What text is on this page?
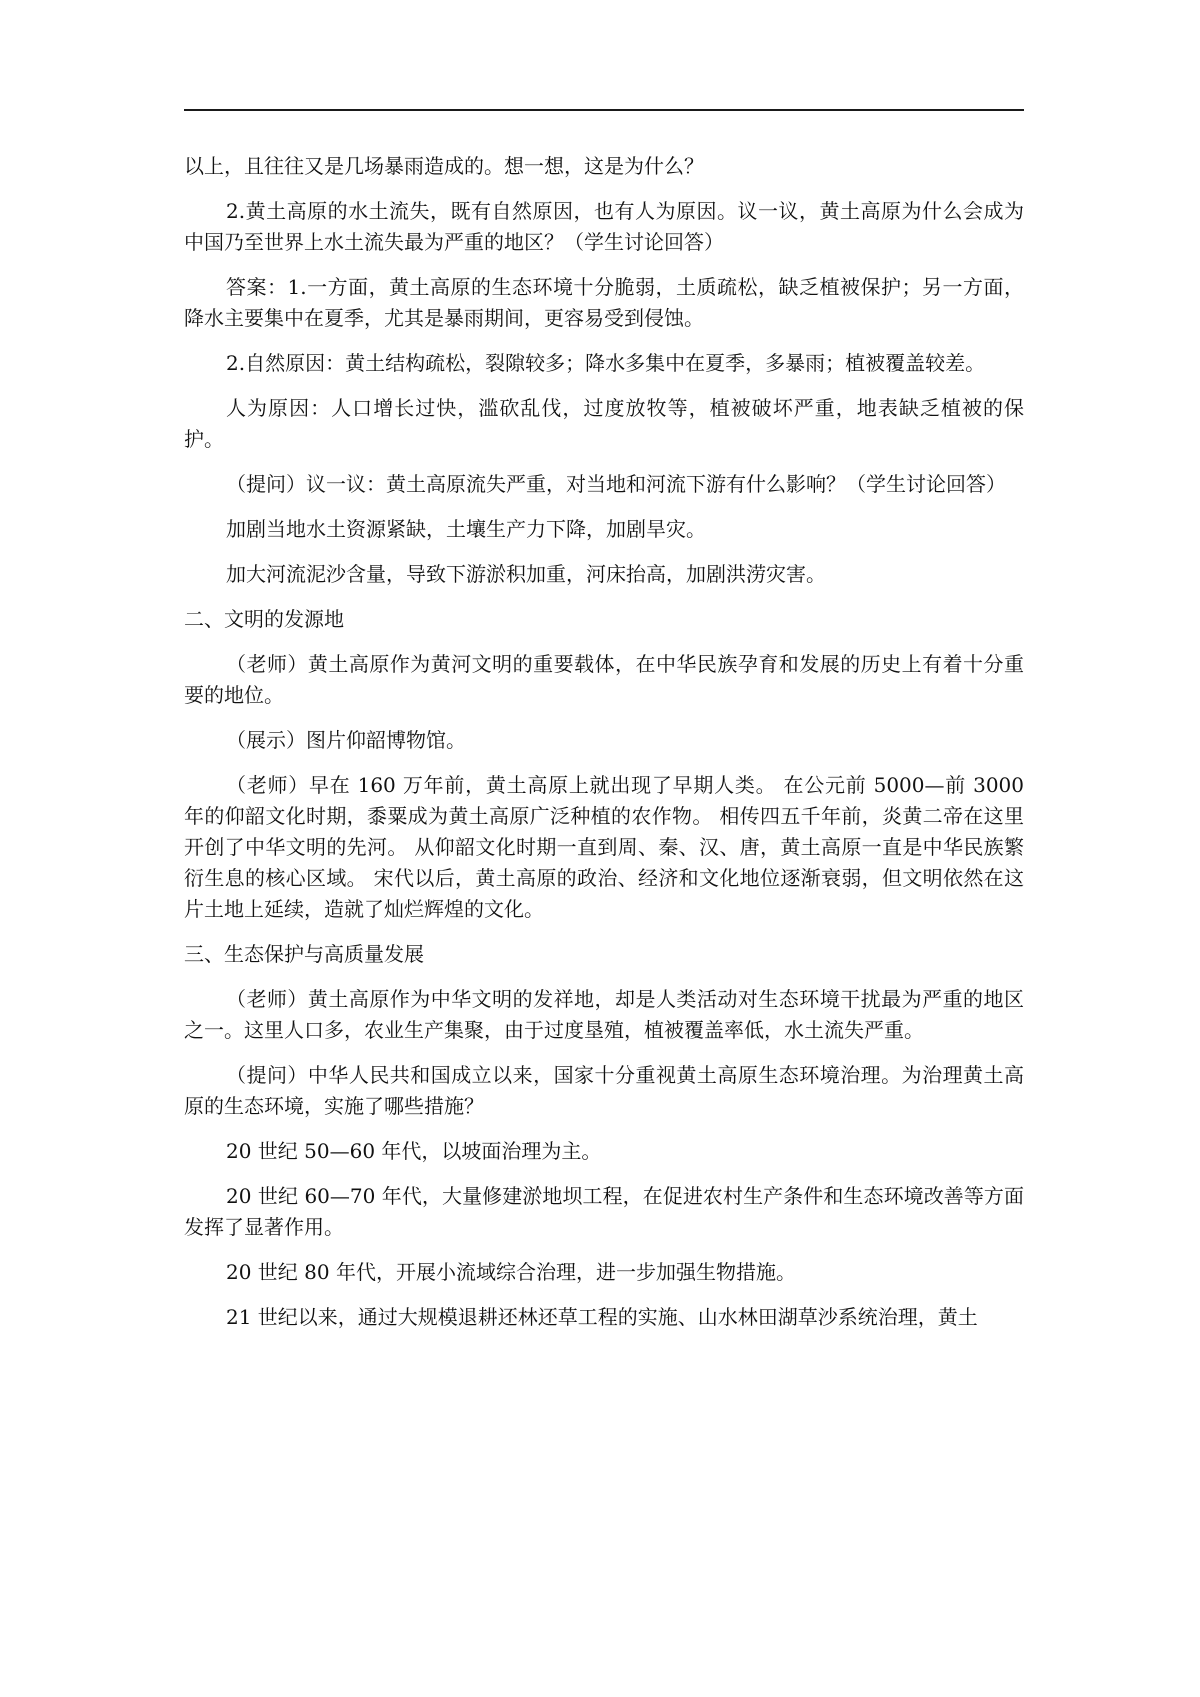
以上，且往往又是几场暴雨造成的。想一想，这是为什么？

2.黄土高原的水土流失，既有自然原因，也有人为原因。议一议，黄土高原为什么会成为中国乃至世界上水土流失最为严重的地区？（学生讨论回答）

答案：1.一方面，黄土高原的生态环境十分脆弱，土质疏松，缺乏植被保护；另一方面，降水主要集中在夏季，尤其是暴雨期间，更容易受到侵蚀。

2.自然原因：黄土结构疏松，裂隙较多；降水多集中在夏季，多暴雨；植被覆盖较差。

人为原因：人口增长过快，滥砍乱伐，过度放牧等，植被破坏严重，地表缺乏植被的保护。

（提问）议一议：黄土高原流失严重，对当地和河流下游有什么影响？（学生讨论回答）

加剧当地水土资源紧缺，土壤生产力下降，加剧旱灾。

加大河流泥沙含量，导致下游淤积加重，河床抬高，加剧洪涝灾害。

二、文明的发源地

（老师）黄土高原作为黄河文明的重要载体，在中华民族孕育和发展的历史上有着十分重要的地位。

（展示）图片仰韶博物馆。

（老师）早在 160 万年前，黄土高原上就出现了早期人类。 在公元前 5000—前 3000 年的仰韶文化时期，黍粟成为黄土高原广泛种植的农作物。 相传四五千年前，炎黄二帝在这里开创了中华文明的先河。 从仰韶文化时期一直到周、秦、汉、唐，黄土高原一直是中华民族繁衍生息的核心区域。 宋代以后，黄土高原的政治、经济和文化地位逐渐衰弱，但文明依然在这片土地上延续，造就了灿烂辉煌的文化。

三、生态保护与高质量发展

（老师）黄土高原作为中华文明的发祥地，却是人类活动对生态环境干扰最为严重的地区之一。这里人口多，农业生产集聚，由于过度垦殖，植被覆盖率低，水土流失严重。

（提问）中华人民共和国成立以来，国家十分重视黄土高原生态环境治理。为治理黄土高原的生态环境，实施了哪些措施？

20 世纪 50—60 年代，以坡面治理为主。

20 世纪 60—70 年代，大量修建淤地坝工程，在促进农村生产条件和生态环境改善等方面发挥了显著作用。

20 世纪 80 年代，开展小流域综合治理，进一步加强生物措施。

21 世纪以来，通过大规模退耕还林还草工程的实施、山水林田湖草沙系统治理，黄土
